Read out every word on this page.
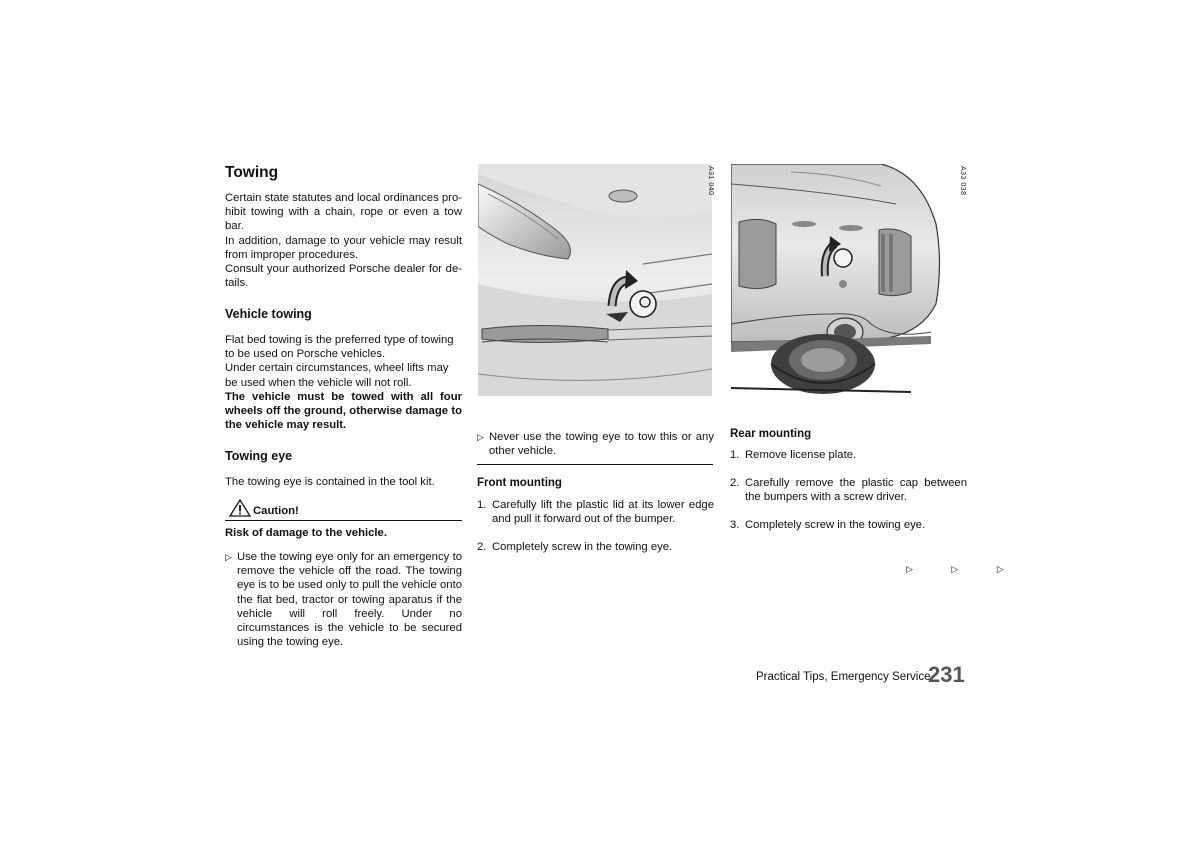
Towing

Certain state statutes and local ordinances pro-hibit towing with a chain, rope or even a tow bar.

In addition, damage to your vehicle may result from improper procedures.

Consult your authorized Porsche dealer for de-tails.

Vehicle towing

Flat bed towing is the preferred type of towing to be used on Porsche vehicles.

Under certain circumstances, wheel lifts may be used when the vehicle will not roll.

The vehicle must be towed with all four wheels off the ground, otherwise damage to the vehicle may result.

Towing eye

The towing eye is contained in the tool kit.

Caution!

Risk of damage to the vehicle.

▷ Use the towing eye only for an emergency to remove the vehicle off the road. The towing eye is to be used only to pull the vehicle onto the flat bed, tractor or towing aparatus if the vehicle will roll freely. Under no circumstances is the vehicle to be secured using the towing eye.

A31 040
▷ Never use the towing eye to tow this or any other vehicle.

Front mounting
1. Carefully lift the plastic lid at its lower edge and pull it forward out of the bumper.

2. Completely screw in the towing eye.

A33 038
Rear mounting
1. Remove license plate.

2. Carefully remove the plastic cap between the bumpers with a screw driver.

3. Completely screw in the towing eye.

▷ ▷ ▷
Practical Tips, Emergency Service
231
